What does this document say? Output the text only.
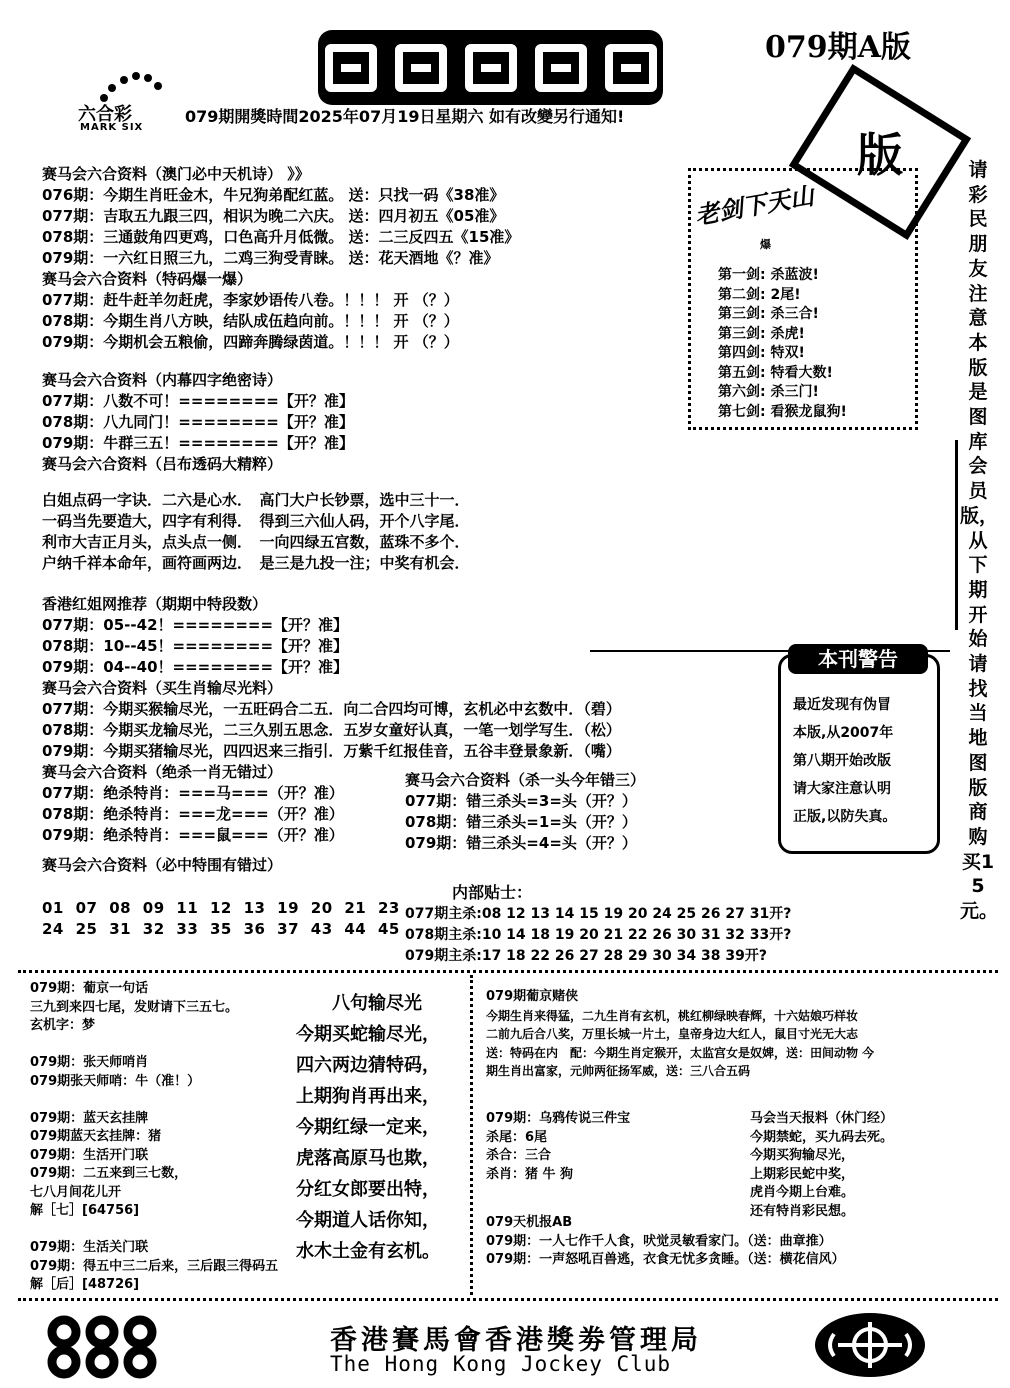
079期A版
六合彩
MARK SIX
079期開獎時間2025年07月19日星期六 如有改變另行通知!
版
老剑下天山
爆
第一剑: 杀蓝波!
第二剑: 2尾!
第三剑: 杀三合!
第三剑: 杀虎!
第四剑: 特双!
第五剑: 特看大数!
第六剑: 杀三门!
第七剑: 看猴龙鼠狗!
请彩民朋友注意本版是图库会员版，从下期开始请找当地图版商购买15元。
最近发现有伪冒
本版,从2007年
第八期开始改版
请大家注意认明
正版,以防失真。
本刊警告
赛马会六合资料（澳门必中天机诗） 》》
076期：今期生肖旺金木，牛兄狗弟配红蓝。 送：只找一码《38准》
077期：吉取五九跟三四，相识为晚二六庆。 送：四月初五《05准》
078期：三通鼓角四更鸡，口色高升月低微。 送：二三反四五《15准》
079期：一六红日照三九，二鸡三狗受青睐。 送：花天酒地《？准》
赛马会六合资料（特码爆一爆）
077期：赶牛赶羊勿赶虎，李家妙语传八卷。！！！ 开 （？）
078期：今期生肖八方映，结队成伍趋向前。！！！ 开 （？）
079期：今期机会五粮偷，四蹄奔腾绿茵道。！！！ 开 （？）
赛马会六合资料（内幕四字绝密诗）
077期：八数不可！========【开？准】
078期：八九同门！========【开？准】
079期：牛群三五！========【开？准】
赛马会六合资料（吕布透码大精粹）
白姐点码一字诀．二六是心水．　高门大户长钞票，选中三十一．
一码当先要造大，四字有利得．　得到三六仙人码，开个八字尾．
利市大吉正月头，点头点一侧．　一向四绿五宫数，蓝珠不多个．
户纳千祥本命年，画符画两边．　是三是九投一注；中奖有机会．
香港红姐网推荐（期期中特段数）
077期：05--42！========【开？准】
078期：10--45！========【开？准】
079期：04--40！========【开？准】
赛马会六合资料（买生肖输尽光料）
077期：今期买猴输尽光，一五旺码合二五．向二合四均可博，玄机必中玄数中．（碧）
078期：今期买龙输尽光，二三久别五思念．五岁女童好认真，一笔一划学写生．（松）
079期：今期买猪输尽光，四四迟来三指引．万紫千红报佳音，五谷丰登景象新．（嘴）
赛马会六合资料（绝杀一肖无错过）
077期：绝杀特肖：===马===（开？准）
078期：绝杀特肖：===龙===（开？准）
079期：绝杀特肖：===鼠===（开？准）
赛马会六合资料（杀一头今年错三）
077期：错三杀头=3=头（开？）
078期：错三杀头=1=头（开？）
079期：错三杀头=4=头（开？）
赛马会六合资料（必中特围有错过）
01 07 08 09 11 12 13 19 20 21 23
24 25 31 32 33 35 36 37 43 44 45
内部贴士：
077期主杀:08 12 13 14 15 19 20 24 25 26 27 31开?
078期主杀:10 14 18 19 20 21 22 26 30 31 32 33开?
079期主杀:17 18 22 26 27 28 29 30 34 38 39开?
079期：葡京一句话
三九到来四七尾，发财请下三五七。
玄机字：梦

079期：张天师哨肖
079期张天师哨：牛（准！）

079期：蓝天玄挂牌
079期蓝天玄挂牌：猪
079期：生活开门联
079期：二五来到三七数，
七八月间花儿开
解［七］[64756]

079期：生活关门联
079期：得五中三二后来，三后跟三得码五
解［后］[48726]
八句输尽光
今期买蛇输尽光，
四六两边猜特码，
上期狗肖再出来，
今期红绿一定来，
虎落高原马也欺，
分红女郎要出特，
今期道人话你知，
水木土金有玄机。
079期葡京赌侠
今期生肖来得猛，二九生肖有玄机，桃红柳绿映春辉，十六姑娘巧样妆
二前九后合八奖，万里长城一片土，皇帝身边大红人，鼠目寸光无大志
送：特码在内　配：今期生肖定猴开，太监宫女是奴婢，送：田间动物 今
期生肖出富家，元帅两征扬军威，送：三八合五码
079期：乌鸦传说三件宝
杀尾：6尾
杀合：三合
杀肖：猪 牛 狗
马会当天报料（休门经）
今期禁蛇，买九码去死。
今期买狗输尽光，
上期彩民蛇中奖，
虎肖今期上台难。
还有特肖彩民想。
079天机报AB
079期：一人七作千人食，吠觉灵敏看家门。（送：曲章推）
079期：一声怒吼百兽逃，衣食无忧多贪睡。（送：横花信风）
香港賽馬會香港獎劵管理局
The Hong Kong Jockey Club
